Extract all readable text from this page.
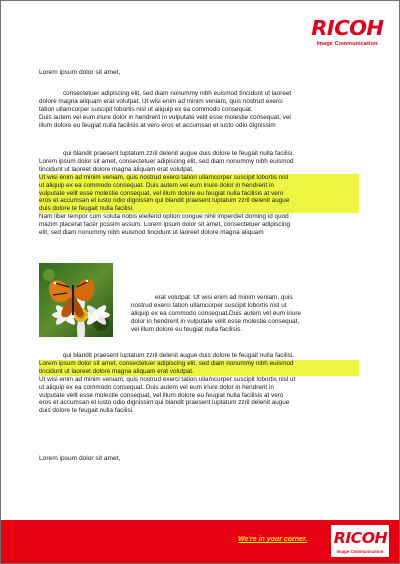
RICOH
Image Communication
Lorem ipsum dolor sit amet,
consectetuer adipiscing elit, sed diam nonummy nibh euismod tincidunt ut laoreet
dolore magna aliquam erat volutpat. Ut wisi enim ad minim veniam, quis nostrud exerci
tation ullamcorper suscipit lobortis nisl ut aliquip ex ea commodo consequat.
Duis autem vel eum iriure dolor in hendrerit in vulputate velit esse molestie consequat, vel
illum dolore eu feugiat nulla facilisis at vero eros et accumsan et iusto odio dignissim
qui blandit praesent luptatum zzril delenit augue duis dolore te feugait nulla facilisi.
Lorem ipsum dolor sit amet, consectetuer adipiscing elit, sed diam nonummy nibh euismod
tincidunt ut laoreet dolore magna aliquam erat volutpat.
Ut wisi enim ad minim veniam, quis nostrud exerci tation ullamcorper suscipit lobortis nisl
ut aliquip ex ea commodo consequat. Duis autem vel eum iriure dolor in hendrerit in
vulputate velit esse molestie consequat, vel illum dolore eu feugiat nulla facilisis at vero
eros et accumsan et iusto odio dignissim qui blandit praesent luptatum zzril delenit augue
duis dolore te feugait nulla facilisi.
Nam liber tempor cum soluta nobis eleifend option congue nihil imperdiet doming id quod
mazim placerat facer possim assum. Lorem ipsum dolor sit amet, consectetuer adipiscing
elit, sed diam nonummy nibh euismod tincidunt ut laoreet dolore magna aliquam
erat volutpat. Ut wisi enim ad minim veniam, quis
nostrud exerci tation ullamcorper suscipit lobortis nisl ut
aliquip ex ea commodo consequat.Duis autem vel eum iriure
dolor in hendrerit in vulputate velit esse molestie consequat,
vel illum dolore eu feugiat nulla facilisis.
qui blandit praesent luptatum zzril delenit augue duis dolore te feugait nulla facilisi.
Lorem ipsum dolor sit amet, consectetuer adipiscing elit, sed diam nonummy nibh euismod
tincidunt ut laoreet dolore magna aliquam erat volutpat.
Ut wisi enim ad minim veniam, quis nostrud exerci tation ullamcorper suscipit lobortis nisl ut
ut aliquip ex ea commodo consequat. Duis autem vel eum iriure dolor in hendrerit in
vulputate velit esse molestie consequat, vel illum dolore eu feugiat nulla facilisis at vero
eros et accumsan et iusto odio dignissim qui blandit praesent luptatum zzril delenit augue
duis dolore te feugait nulla facilisi.
Lorem ipsum dolor sit amet,
We're in your corner. RICOH
Image Communication
